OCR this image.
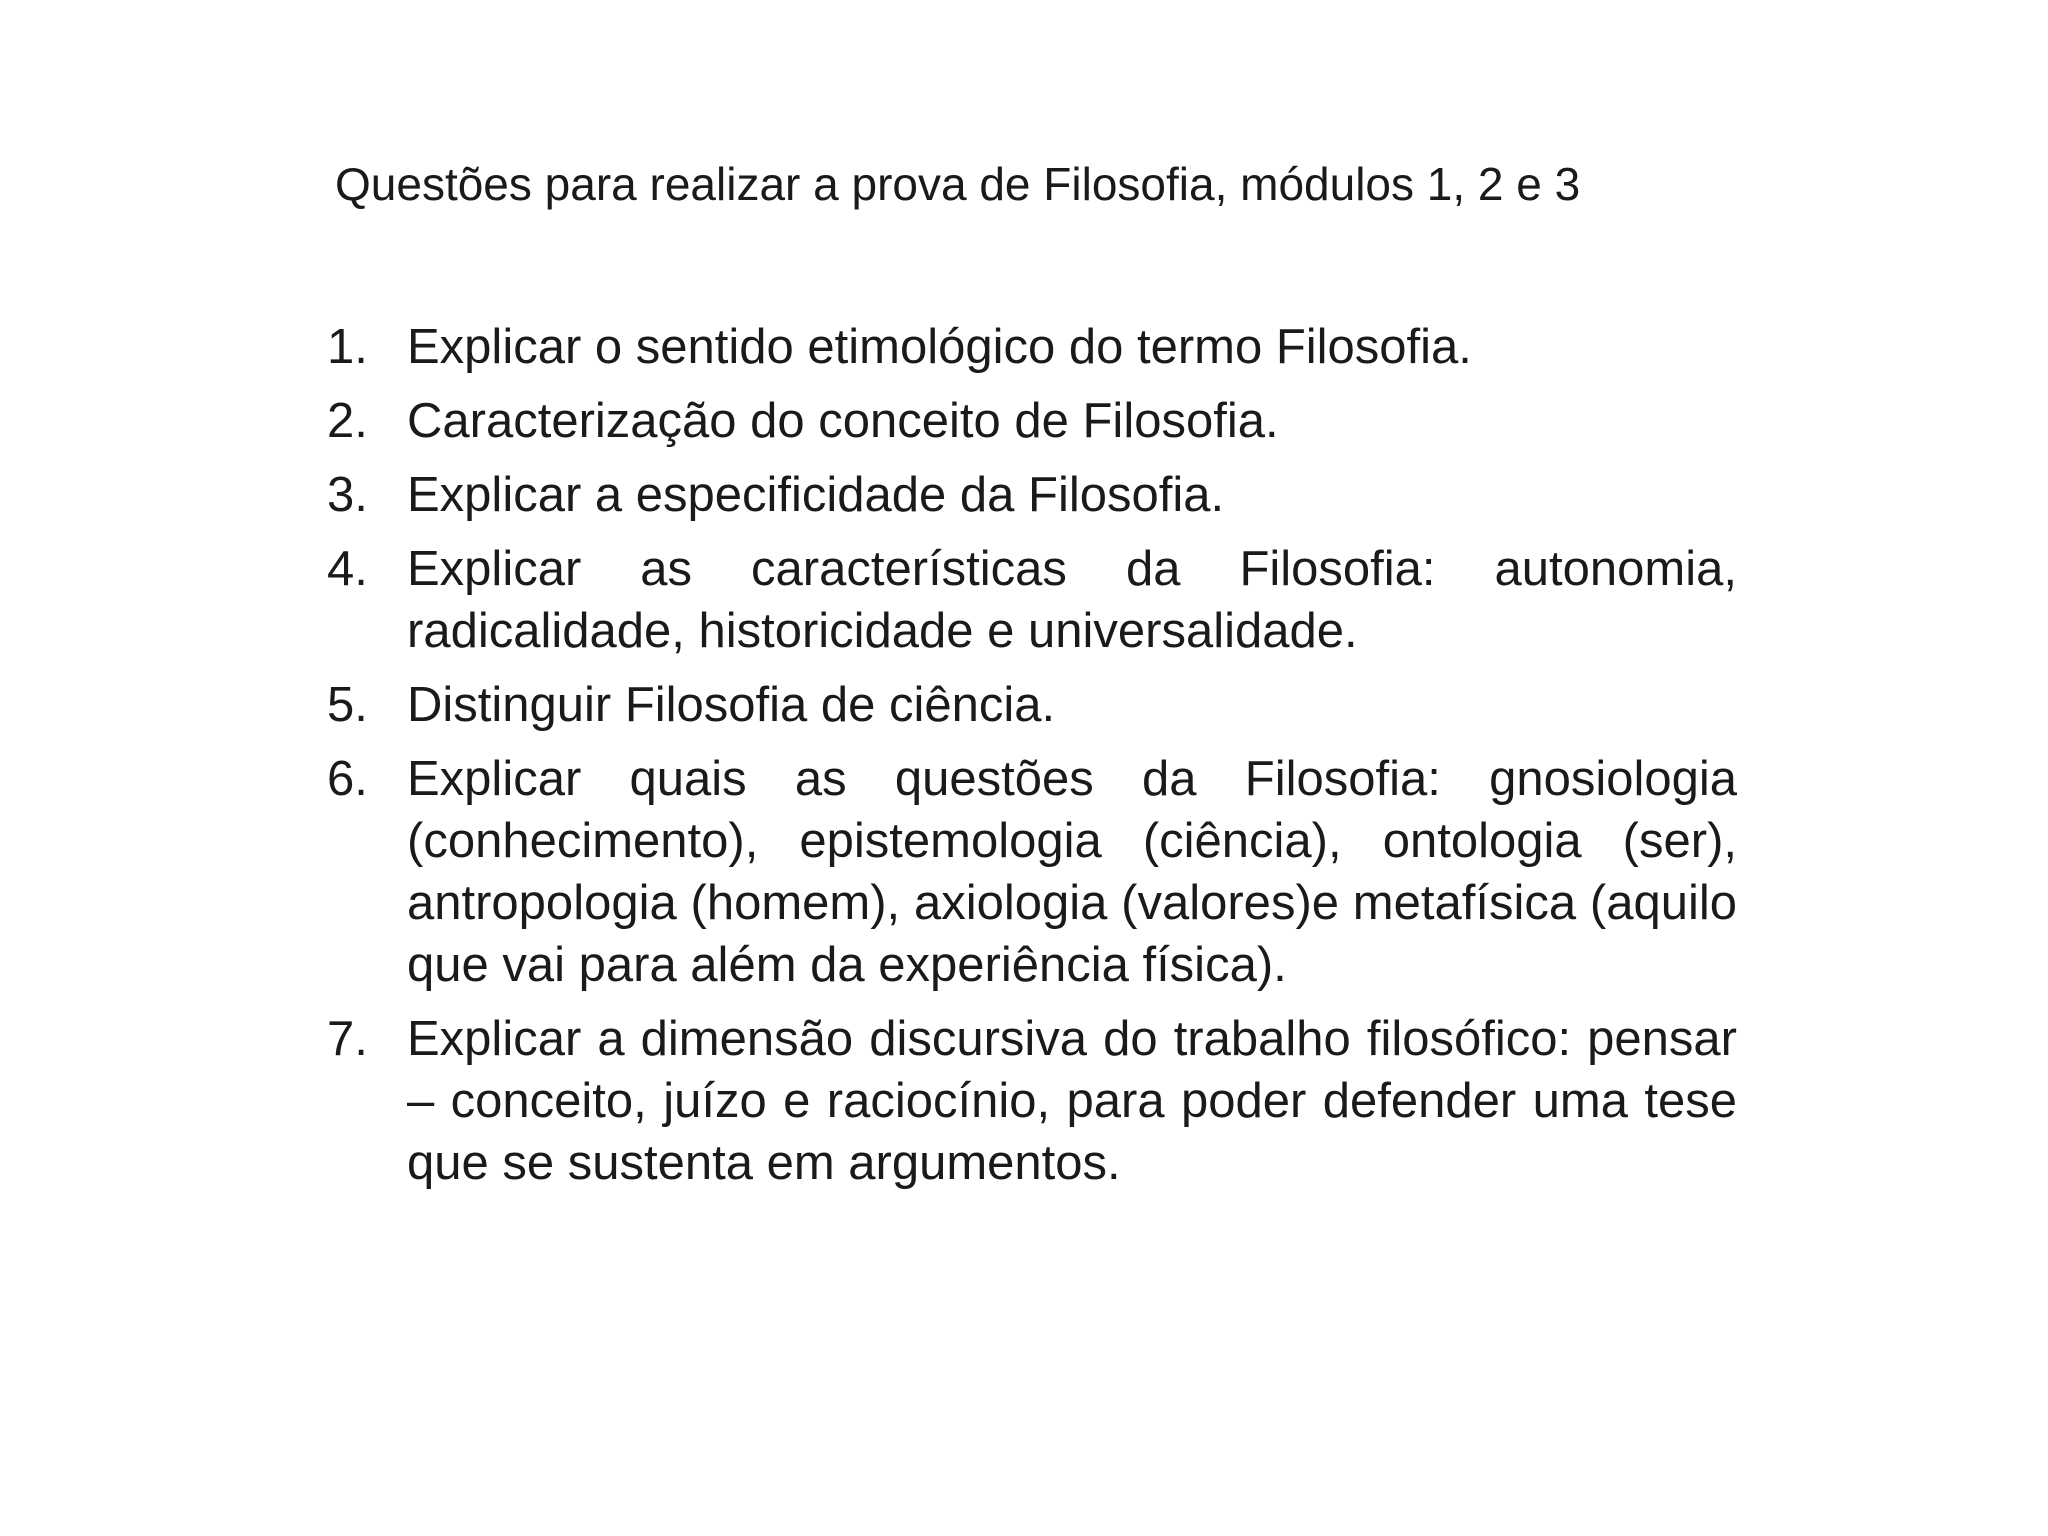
Questões para realizar a prova de Filosofia, módulos 1, 2 e 3
1. Explicar o sentido etimológico do termo Filosofia.
2. Caracterização do conceito de Filosofia.
3. Explicar a especificidade da Filosofia.
4. Explicar as características da Filosofia: autonomia, radicalidade, historicidade e universalidade.
5. Distinguir Filosofia de ciência.
6. Explicar quais as questões da Filosofia: gnosiologia (conhecimento), epistemologia (ciência), ontologia (ser), antropologia (homem), axiologia (valores)e metafísica (aquilo que vai para além da experiência física).
7. Explicar a dimensão discursiva do trabalho filosófico: pensar – conceito, juízo e raciocínio, para poder defender uma tese que se sustenta em argumentos.
